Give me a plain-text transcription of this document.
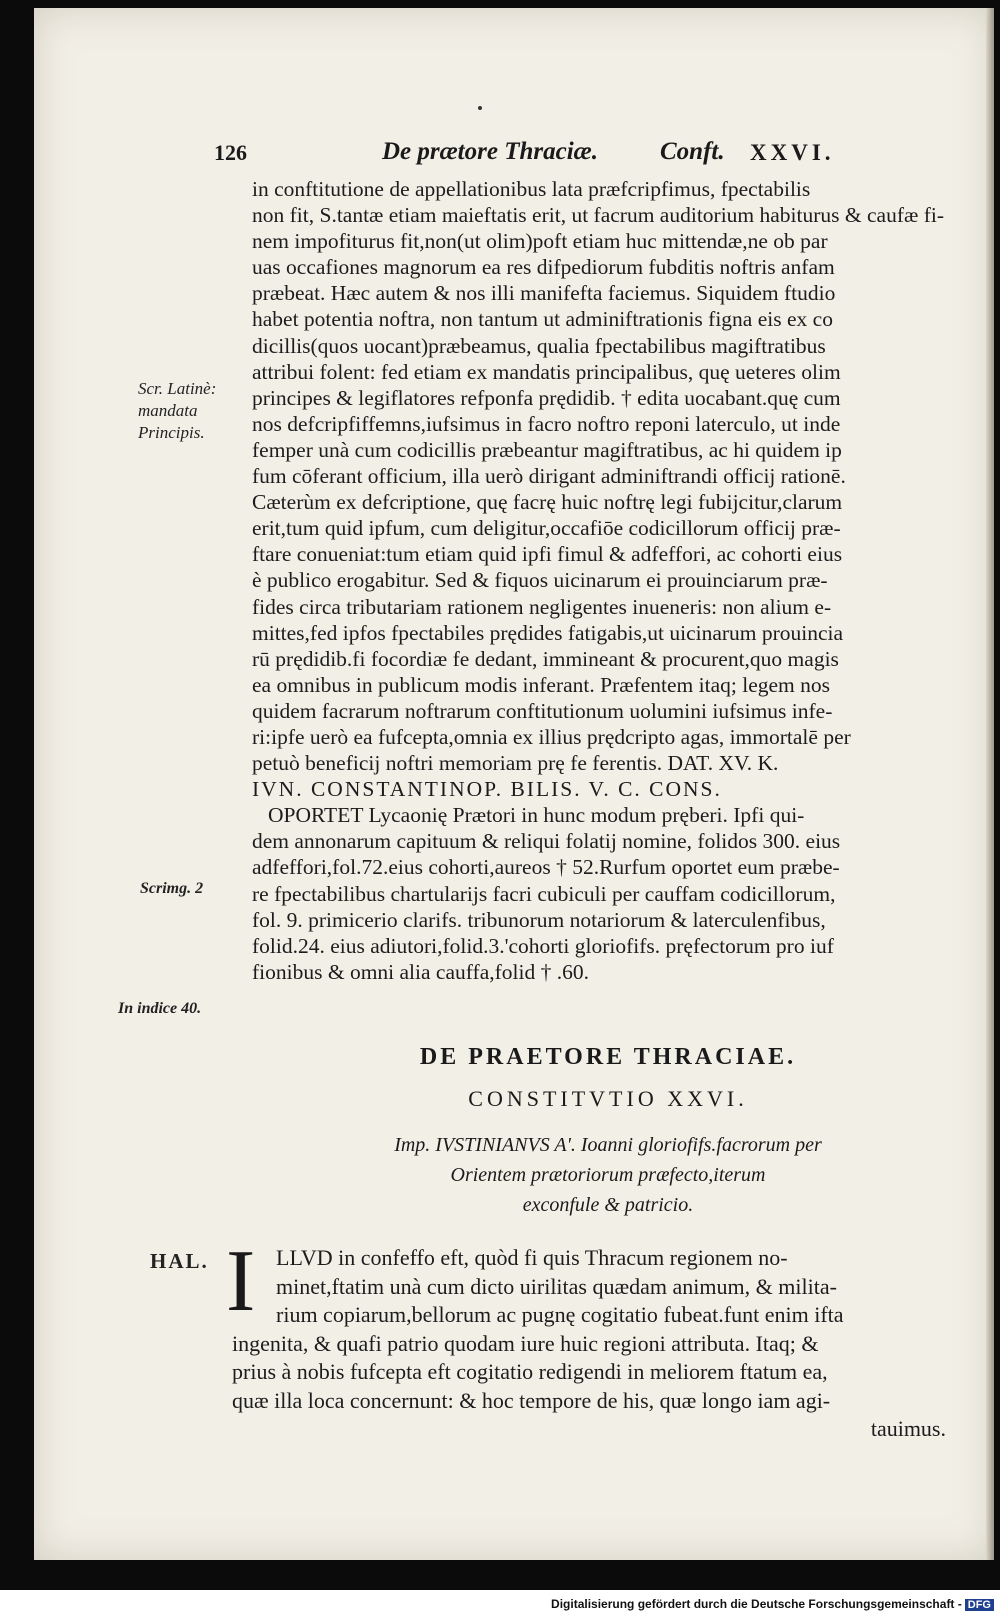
126	De prætore Thraciæ. Conft. XXVI.
Scr. Latinè:
mandata
Principis.
Scrimg. 2
In indice 40.
in conftitutione de appellationibus lata præfcripfimus, fpectabilis
non fit, S.tantæ etiam maieftatis erit, ut facrum auditorium habiturus & caufæ fi-
nem impofiturus fit,non(ut olim)poft etiam huc mittendæ,ne ob par
uas occafiones magnorum ea res difpediorum fubditis noftris anfam
præbeat. Hæc autem & nos illi manifefta faciemus. Siquidem ftudio
habet potentia noftra, non tantum ut adminiftrationis figna eis ex co
dicillis(quos uocant)præbeamus, qualia fpectabilibus magiftratibus
attribui folent: fed etiam ex mandatis principalibus, quę ueteres olim
principes & legiflatores refponfa prędidib. † edita uocabant.quę cum
nos defcripfiffemns,iufsimus in facro noftro reponi laterculo, ut inde
femper unà cum codicillis præbeantur magiftratibus, ac hi quidem ip
fum cōferant officium, illa uerò dirigant adminiftrandi officij rationē.
Cæterùm ex defcriptione, quę facrę huic noftrę legi fubijcitur,clarum
erit,tum quid ipfum, cum deligitur,occafiōe codicillorum officij præ-
ftare conueniat:tum etiam quid ipfi fimul & adfeffori, ac cohorti eius
è publico erogabitur. Sed & fiquos uicinarum ei prouinciarum præ-
fides circa tributariam rationem negligentes inueneris: non alium e-
mittes,fed ipfos fpectabiles prędides fatigabis,ut uicinarum prouincia
rū prędidib.fi focordiæ fe dedant, immineant & procurent,quo magis
ea omnibus in publicum modis inferant. Præfentem itaq; legem nos
quidem facrarum noftrarum conftitutionum uolumini iufsimus infe-
ri:ipfe uerò ea fufcepta,omnia ex illius prędcripto agas, immortalē per
petuò beneficij noftri memoriam prę fe ferentis. DAT. XV. K.
IVN. CONSTANTINOP. BILIS. V. C. CONS.
OPORTET Lycaonię Prætori in hunc modum pręberi. Ipfi qui-
dem annonarum capituum & reliqui folatij nomine, folidos 300. eius
adfeffori,fol.72.eius cohorti,aureos † 52.Rurfum oportet eum præbe-
re fpectabilibus chartularijs facri cubiculi per cauffam codicillorum,
fol. 9. primicerio clarifs. tribunorum notariorum & laterculenfibus,
folid.24. eius adiutori,folid.3.'cohorti gloriofifs. pręfectorum pro iuf
fionibus & omni alia cauffa,folid † .60.
DE PRAETORE THRACIAE.
CONSTITVTIO XXVI.
Imp. IVSTINIANVS A'. Ioanni gloriofifs.facrorum per
Orientem prætoriorum præfecto,iterum
exconfule & patricio.
HAL. I LLVD in confeffo eft, quòd fi quis Thracum regionem no-
minet,ftatim unà cum dicto uirilitas quædam animum, & milita-
rium copiarum,bellorum ac pugnę cogitatio fubeat.funt enim ifta
ingenita, & quafi patrio quodam iure huic regioni attributa. Itaq; &
prius à nobis fufcepta eft cogitatio redigendi in meliorem ftatum ea,
quæ illa loca concernunt: & hoc tempore de his, quæ longo iam agi-
tauimus.
Digitalisierung gefördert durch die Deutsche Forschungsgemeinschaft - DFG
